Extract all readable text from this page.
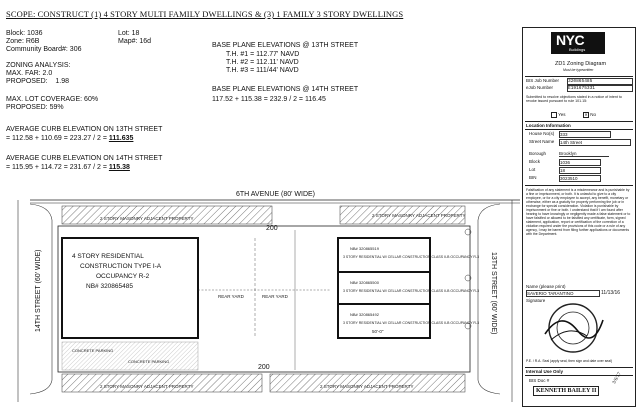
SCOPE: CONSTRUCT (1) 4 STORY MULTI FAMILY DWELLINGS & (3) 1 FAMILY 3 STORY DWELLINGS
Block: 1036	Lot: 18
Zone: R6B	Map#: 16d
Community Board#: 306
ZONING ANALYSIS:
MAX. FAR: 2.0
PROPOSED:    1.98
MAX. LOT COVERAGE: 60%
PROPOSED: 59%
AVERAGE CURB ELEVATION ON 13TH STREET
= 112.58 + 110.69 = 223.27 / 2 = 111.635
AVERAGE CURB ELEVATION ON 14TH STREET
= 115.95 + 114.72 = 231.67 / 2 = 115.38
BASE PLANE ELEVATIONS @ 13TH STREET
T.H. #1 = 112.77' NAVD
T.H. #2 = 112.11' NAVD
T.H. #3 = 111/44' NAVD
BASE PLANE ELEVATIONS @ 14TH STREET
117.52 + 115.38 = 232.9 / 2 = 116.45
6TH AVENUE (80' WIDE)
2 STORY MASONRY ADJACENT PROPERTY
2 STORY MASONRY ADJACENT PROPERTY
2 STORY MASONRY ADJACENT PROPERTY	2 STORY MASONRY ADJACENT PROPERTY
4 STORY RESIDENTIAL
CONSTRUCTION TYPE I-A
OCCUPANCY R-2
NB# 320865485
REAR YARD	REAR YARD
200
200
CONCRETE PARKING
CONCRETE PARKING
NB# 320865519
3 STORY RESIDENTIAL W/ CELLAR CONSTRUCTION CLASS II-B OCCUPANCY R-3
NB# 320865500
3 STORY RESIDENTIAL W/ CELLAR CONSTRUCTION CLASS II-B OCCUPANCY R-3
NB# 320865492
3 STORY RESIDENTIAL W/ CELLAR CONSTRUCTION CLASS II-B OCCUPANCY R-3
50'-0"
14TH STREET (60' WIDE)	13TH STREET (60' WIDE)
NYC
Buildings
ZD1 Zoning Diagram
Must be typewritten
BIS Job Number 320865485
eJob Number	E191675331
Submitted to resolve objections stated in a notice of intent to revoke issued pursuant to rule 101.15:
Yes	✕ No
Location Information
House No(s) 333
Street Name 14th Street
Borough	Brooklyn
Block	1036
Lot	18
BIN	3023510
Falsification of any statement is a misdemeanor and is punishable by a fine or imprisonment, or both. It is unlawful to give to a city employee, or for a city employee to accept, any benefit, monetary or otherwise, either as a gratuity for properly performing the job or in exchange for special consideration. Violation is punishable by imprisonment or fine or both. I understand that if I am found after hearing to have knowingly or negligently made a false statement or to have falsified or allowed to be falsified any certificate, form, signed statement, application, report or certification of the correction of a violation required under the provisions of this code or a rule of any agency, I may be barred from filing further applications or documents with the Department.
Name (please print)
SAVERIO TARANTINO	11/13/16
Signature
P.E. / R.A. Seal (apply seal, then sign and date over seal)
Internal Use Only
BIS Doc #
KENNETH BAILEY II
3/6/17
